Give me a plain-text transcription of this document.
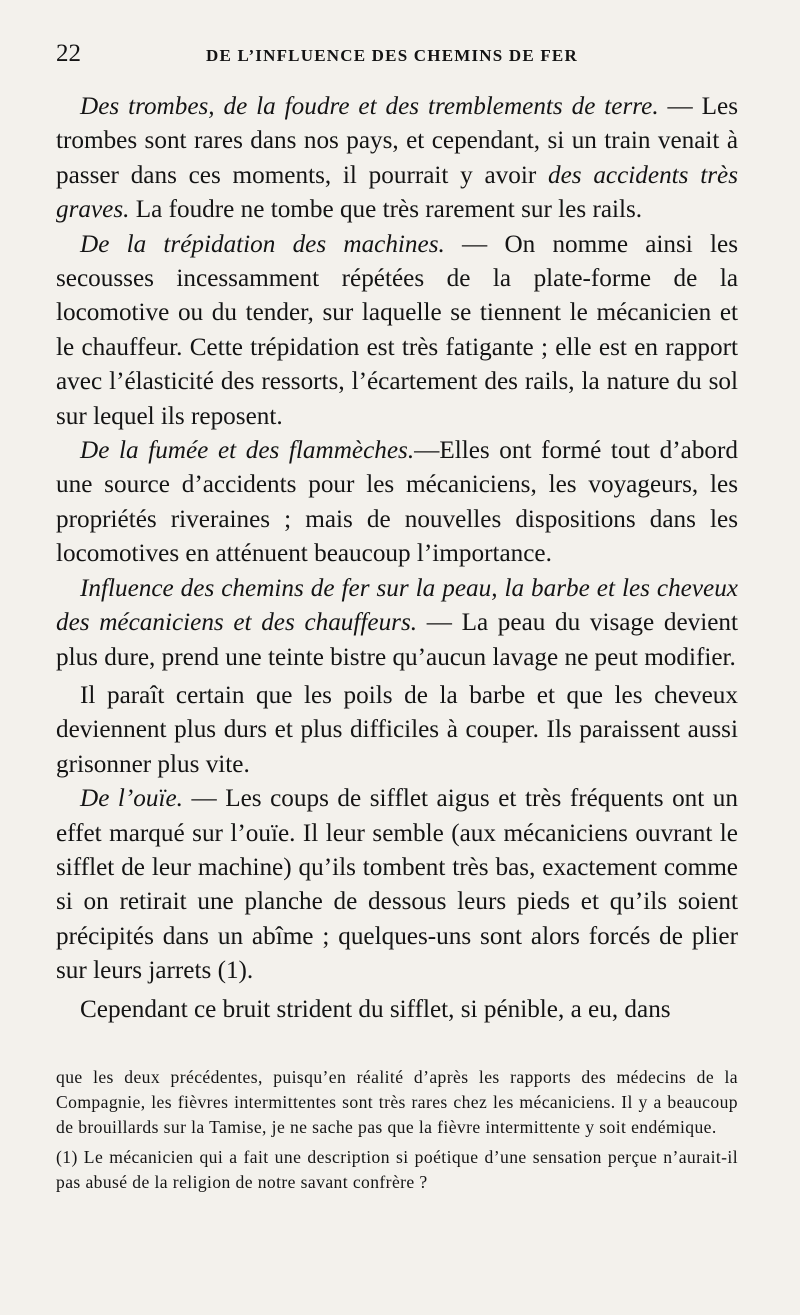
22	DE L’INFLUENCE DES CHEMINS DE FER

Des trombes, de la foudre et des tremblements de terre. — Les trombes sont rares dans nos pays, et cependant, si un train venait à passer dans ces moments, il pourrait y avoir des accidents très graves. La foudre ne tombe que très rarement sur les rails.

De la trépidation des machines. — On nomme ainsi les secousses incessamment répétées de la plate-forme de la locomotive ou du tender, sur laquelle se tiennent le mécanicien et le chauffeur. Cette trépidation est très fatigante ; elle est en rapport avec l’élasticité des ressorts, l’écartement des rails, la nature du sol sur lequel ils reposent.

De la fumée et des flammèches.—Elles ont formé tout d’abord une source d’accidents pour les mécaniciens, les voyageurs, les propriétés riveraines ; mais de nouvelles dispositions dans les locomotives en atténuent beaucoup l’importance.

Influence des chemins de fer sur la peau, la barbe et les cheveux des mécaniciens et des chauffeurs. — La peau du visage devient plus dure, prend une teinte bistre qu’aucun lavage ne peut modifier.

Il paraît certain que les poils de la barbe et que les cheveux deviennent plus durs et plus difficiles à couper. Ils paraissent aussi grisonner plus vite.

De l’ouïe. — Les coups de sifflet aigus et très fréquents ont un effet marqué sur l’ouïe. Il leur semble (aux mécaniciens ouvrant le sifflet de leur machine) qu’ils tombent très bas, exactement comme si on retirait une planche de dessous leurs pieds et qu’ils soient précipités dans un abîme ; quelques-uns sont alors forcés de plier sur leurs jarrets (1).

Cependant ce bruit strident du sifflet, si pénible, a eu, dans

que les deux précédentes, puisqu’en réalité d’après les rapports des médecins de la Compagnie, les fièvres intermittentes sont très rares chez les mécaniciens. Il y a beaucoup de brouillards sur la Tamise, je ne sache pas que la fièvre intermittente y soit endémique.

(1) Le mécanicien qui a fait une description si poétique d’une sensation perçue n’aurait-il pas abusé de la religion de notre savant confrère ?
